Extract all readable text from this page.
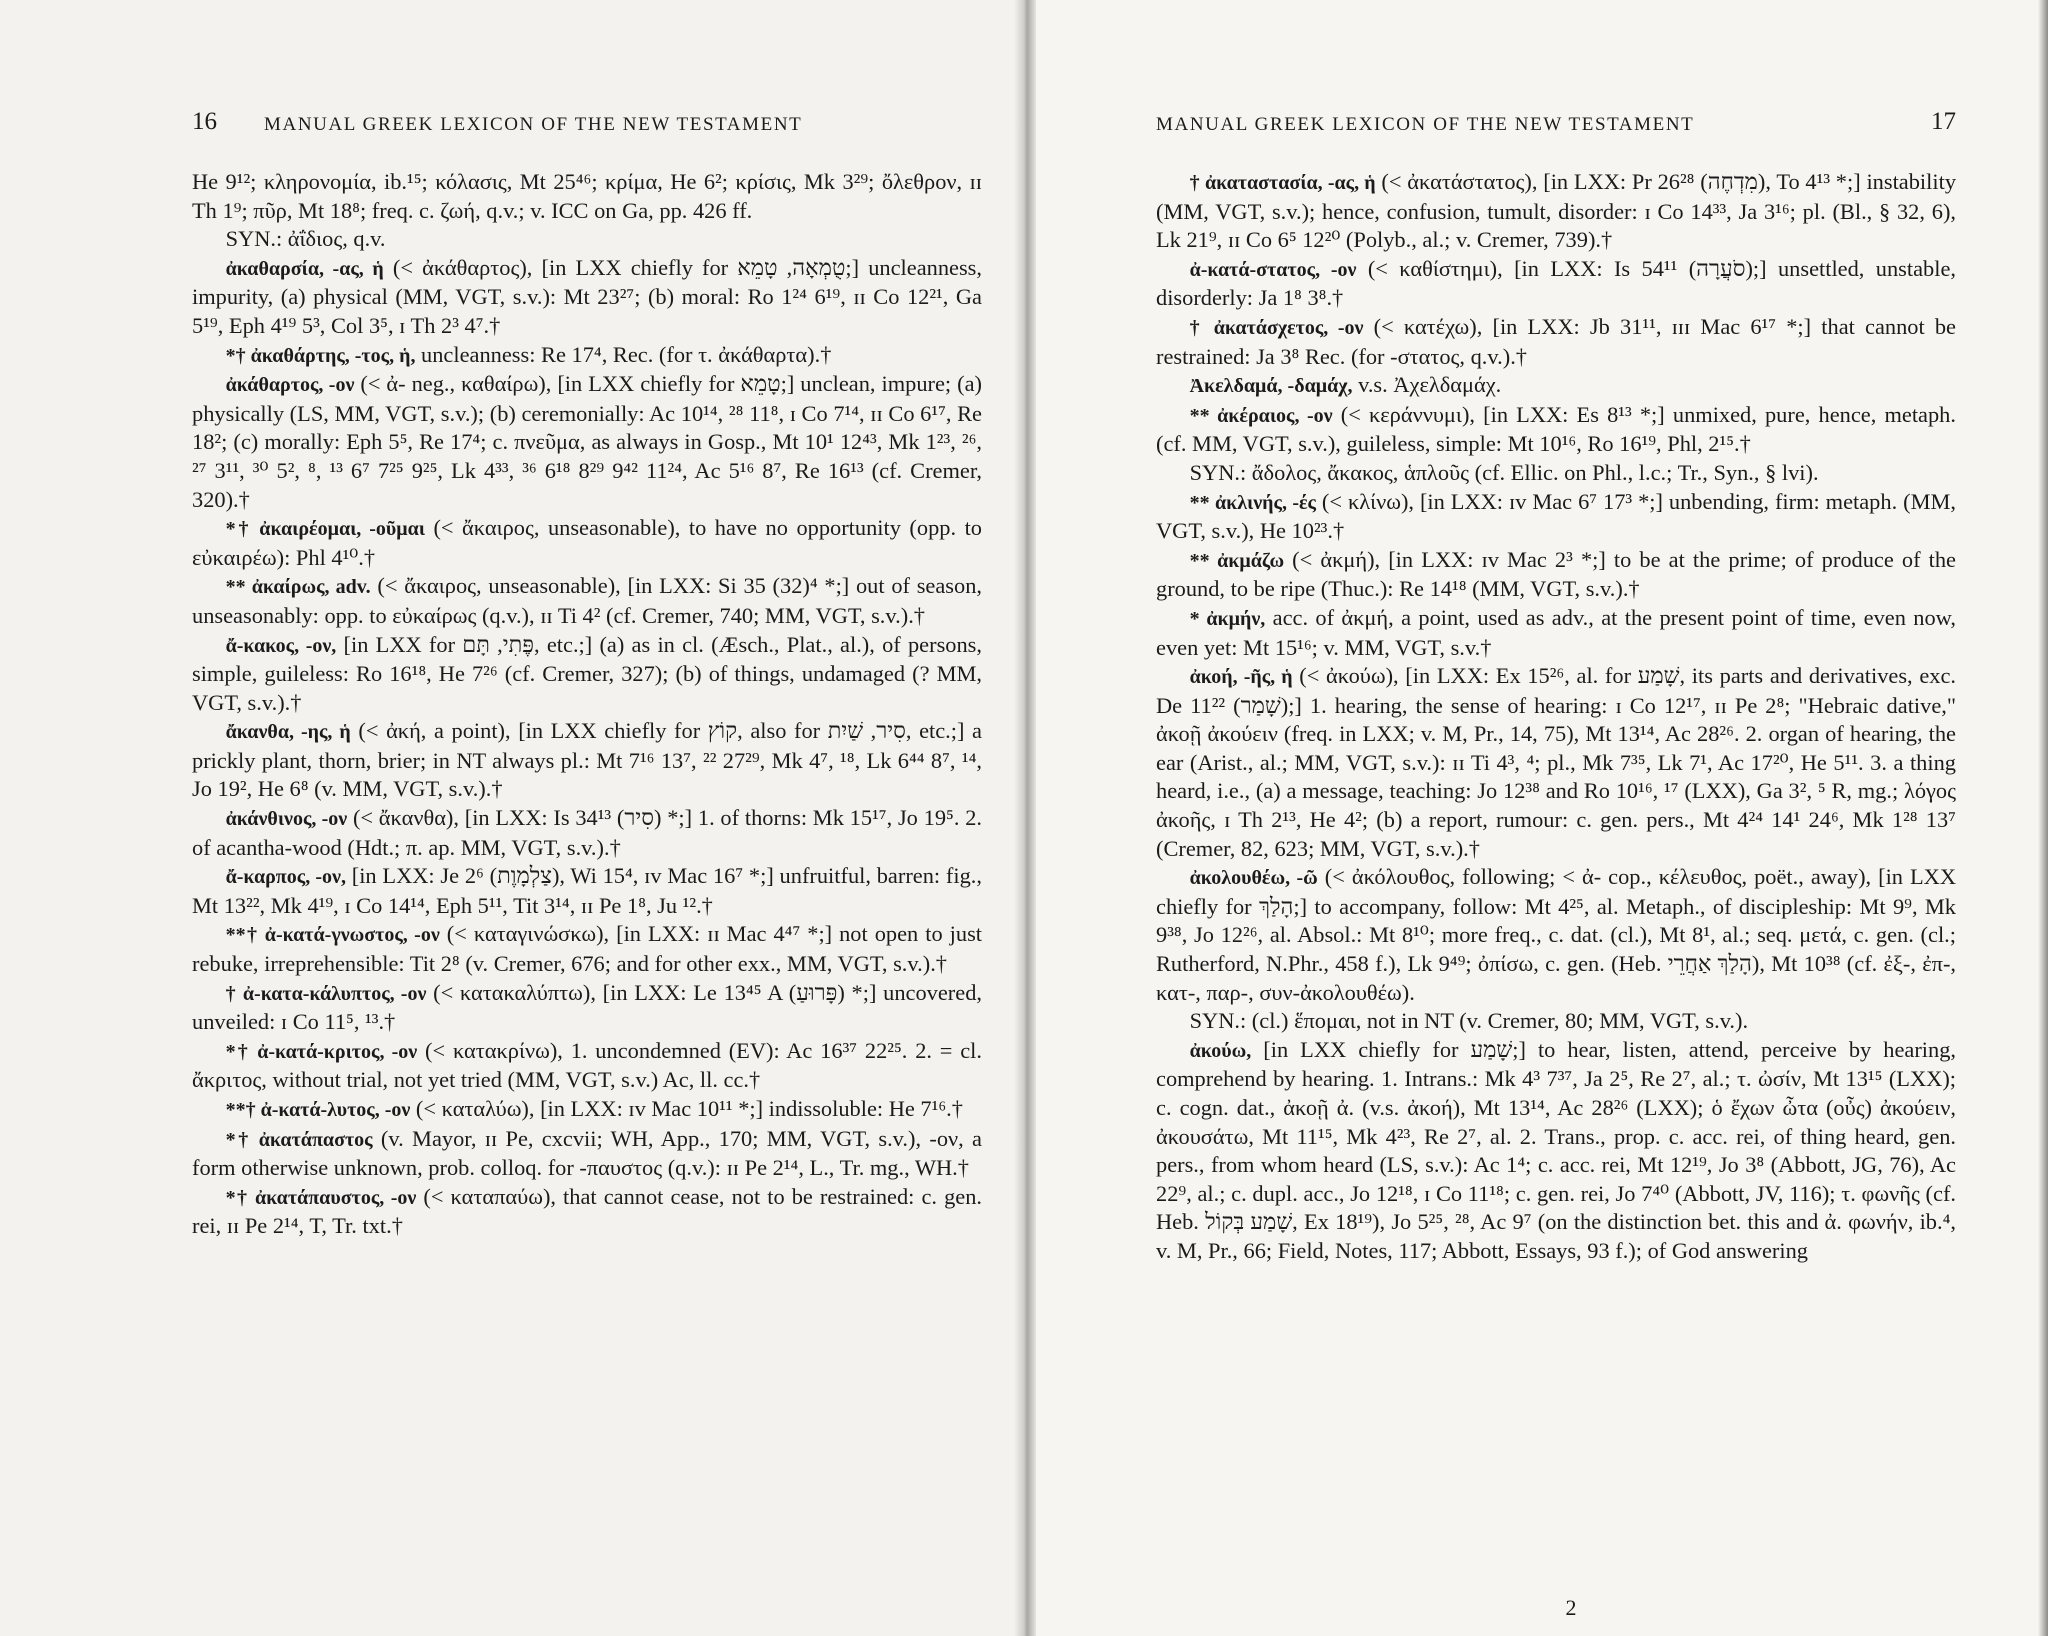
16 MANUAL GREEK LEXICON OF THE NEW TESTAMENT

He 9¹²; κληρονομία, ib.¹⁵; κόλασις, Mt 25⁴⁶; κρίμα, He 6²; κρίσις, Mk 3²⁹; ὄλεθρον, ɪɪ Th 1⁹; πῦρ, Mt 18⁸; freq. c. ζωή, q.v.; v. ICC on Ga, pp. 426 ff.

SYN.: ἀΐδιος, q.v.

ἀκαθαρσία, -ας, ἡ (< ἀκάθαρτος), [in LXX chiefly for טֻמְאָה, טָמֵא;] uncleanness, impurity, (a) physical (MM, VGT, s.v.): Mt 23²⁷; (b) moral: Ro 1²⁴ 6¹⁹, ɪɪ Co 12²¹, Ga 5¹⁹, Eph 4¹⁹ 5³, Col 3⁵, ɪ Th 2³ 4⁷.†

*† ἀκαθάρτης, -τος, ἡ, uncleanness: Re 17⁴, Rec. (for τ. ἀκάθαρτα).†

ἀκάθαρτος, -ον (< ἀ- neg., καθαίρω), [in LXX chiefly for טָמֵא;] unclean, impure; (a) physically (LS, MM, VGT, s.v.); (b) ceremonially: Ac 10¹⁴, ²⁸ 11⁸, ɪ Co 7¹⁴, ɪɪ Co 6¹⁷, Re 18²; (c) morally: Eph 5⁵, Re 17⁴; c. πνεῦμα, as always in Gosp., Mt 10¹ 12⁴³, Mk 1²³, ²⁶, ²⁷ 3¹¹, ³⁰ 5², ⁸, ¹³ 6⁷ 7²⁵ 9²⁵, Lk 4³³, ³⁶ 6¹⁸ 8²⁹ 9⁴² 11²⁴, Ac 5¹⁶ 8⁷, Re 16¹³ (cf. Cremer, 320).†

*† ἀκαιρέομαι, -οῦμαι (< ἄκαιρος, unseasonable), to have no opportunity (opp. to εὐκαιρέω): Phl 4¹⁰.†

** ἀκαίρως, adv. (< ἄκαιρος, unseasonable), [in LXX: Si 35 (32)⁴ *;] out of season, unseasonably: opp. to εὐκαίρως (q.v.), ɪɪ Ti 4² (cf. Cremer, 740; MM, VGT, s.v.).†

ἄ-κακος, -ον, [in LXX for פֶּתִי, תָּם, etc.;] (a) as in cl. (Æsch., Plat., al.), of persons, simple, guileless: Ro 16¹⁸, He 7²⁶ (cf. Cremer, 327); (b) of things, undamaged (? MM, VGT, s.v.).†

ἄκανθα, -ης, ἡ (< ἀκή, a point), [in LXX chiefly for קוֹץ, also for סִיר, שַׁיִת, etc.;] a prickly plant, thorn, brier; in NT always pl.: Mt 7¹⁶ 13⁷, ²² 27²⁹, Mk 4⁷, ¹⁸, Lk 6⁴⁴ 8⁷, ¹⁴, Jo 19², He 6⁸ (v. MM, VGT, s.v.).†

ἀκάνθινος, -ον (< ἄκανθα), [in LXX: Is 34¹³ (סִיר) *;] 1. of thorns: Mk 15¹⁷, Jo 19⁵. 2. of acantha-wood (Hdt.; π. ap. MM, VGT, s.v.).†

ἄ-καρπος, -ον, [in LXX: Je 2⁶ (צַלְמָוֶת), Wi 15⁴, ɪv Mac 16⁷ *;] unfruitful, barren: fig., Mt 13²², Mk 4¹⁹, ɪ Co 14¹⁴, Eph 5¹¹, Tit 3¹⁴, ɪɪ Pe 1⁸, Ju ¹².†

**† ἀ-κατά-γνωστος, -ον (< καταγινώσκω), [in LXX: ɪɪ Mac 4⁴⁷ *;] not open to just rebuke, irreprehensible: Tit 2⁸ (v. Cremer, 676; and for other exx., MM, VGT, s.v.).†

† ἀ-κατα-κάλυπτος, -ον (< κατακαλύπτω), [in LXX: Le 13⁴⁵ A (פָּרוּעַ) *;] uncovered, unveiled: ɪ Co 11⁵, ¹³.†

*† ἀ-κατά-κριτος, -ον (< κατακρίνω), 1. uncondemned (EV): Ac 16³⁷ 22²⁵. 2. = cl. ἄκριτος, without trial, not yet tried (MM, VGT, s.v.) Ac, ll. cc.†

**† ἀ-κατά-λυτος, -ον (< καταλύω), [in LXX: ɪv Mac 10¹¹ *;] indissoluble: He 7¹⁶.†

*† ἀκατάπαστος (v. Mayor, ɪɪ Pe, cxcvii; WH, App., 170; MM, VGT, s.v.), -ον, a form otherwise unknown, prob. colloq. for -παυστος (q.v.): ɪɪ Pe 2¹⁴, L., Tr. mg., WH.†

*† ἀκατάπαυστος, -ον (< καταπαύω), that cannot cease, not to be restrained: c. gen. rei, ɪɪ Pe 2¹⁴, T, Tr. txt.†

MANUAL GREEK LEXICON OF THE NEW TESTAMENT	17

† ἀκαταστασία, -ας, ἡ (< ἀκατάστατος), [in LXX: Pr 26²⁸ (מִדְחֶה), To 4¹³ *;] instability (MM, VGT, s.v.); hence, confusion, tumult, disorder: ɪ Co 14³³, Ja 3¹⁶; pl. (Bl., § 32, 6), Lk 21⁹, ɪɪ Co 6⁵ 12²⁰ (Polyb., al.; v. Cremer, 739).†

ἀ-κατά-στατος, -ον (< καθίστημι), [in LXX: Is 54¹¹ (סֹעֲרָה);] unsettled, unstable, disorderly: Ja 1⁸ 3⁸.†

† ἀκατάσχετος, -ον (< κατέχω), [in LXX: Jb 31¹¹, ɪɪɪ Mac 6¹⁷ *;] that cannot be restrained: Ja 3⁸ Rec. (for -στατος, q.v.).†

Ἀκελδαμά, -δαμάχ, v.s. Ἀχελδαμάχ.

** ἀκέραιος, -ον (< κεράννυμι), [in LXX: Es 8¹³ *;] unmixed, pure, hence, metaph. (cf. MM, VGT, s.v.), guileless, simple: Mt 10¹⁶, Ro 16¹⁹, Phl, 2¹⁵.†

SYN.: ἄδολος, ἄκακος, ἁπλοῦς (cf. Ellic. on Phl., l.c.; Tr., Syn., § lvi).

** ἀκλινής, -ές (< κλίνω), [in LXX: ɪv Mac 6⁷ 17³ *;] unbending, firm: metaph. (MM, VGT, s.v.), He 10²³.†

** ἀκμάζω (< ἀκμή), [in LXX: ɪv Mac 2³ *;] to be at the prime; of produce of the ground, to be ripe (Thuc.): Re 14¹⁸ (MM, VGT, s.v.).†

* ἀκμήν, acc. of ἀκμή, a point, used as adv., at the present point of time, even now, even yet: Mt 15¹⁶; v. MM, VGT, s.v.†

ἀκοή, -ῆς, ἡ (< ἀκούω), [in LXX: Ex 15²⁶, al. for שָׁמַע, its parts and derivatives, exc. De 11²² (שָׁמַר);] 1. hearing, the sense of hearing: ɪ Co 12¹⁷, ɪɪ Pe 2⁸; "Hebraic dative," ἀκοῇ ἀκούειν (freq. in LXX; v. M, Pr., 14, 75), Mt 13¹⁴, Ac 28²⁶. 2. organ of hearing, the ear (Arist., al.; MM, VGT, s.v.): ɪɪ Ti 4³, ⁴; pl., Mk 7³⁵, Lk 7¹, Ac 17²⁰, He 5¹¹. 3. a thing heard, i.e., (a) a message, teaching: Jo 12³⁸ and Ro 10¹⁶, ¹⁷ (LXX), Ga 3², ⁵ R, mg.; λόγος ἀκοῆς, ɪ Th 2¹³, He 4²; (b) a report, rumour: c. gen. pers., Mt 4²⁴ 14¹ 24⁶, Mk 1²⁸ 13⁷ (Cremer, 82, 623; MM, VGT, s.v.).†

ἀκολουθέω, -ῶ (< ἀκόλουθος, following; < ἀ- cop., κέλευθος, poët., away), [in LXX chiefly for הָלַךְ;] to accompany, follow: Mt 4²⁵, al. Metaph., of discipleship: Mt 9⁹, Mk 9³⁸, Jo 12²⁶, al. Absol.: Mt 8¹⁰; more freq., c. dat. (cl.), Mt 8¹, al.; seq. μετά, c. gen. (cl.; Rutherford, N.Phr., 458 f.), Lk 9⁴⁹; ὀπίσω, c. gen. (Heb. הָלַךְ אַחֲרֵי), Mt 10³⁸ (cf. ἐξ-, ἐπ-, κατ-, παρ-, συν-ἀκολουθέω).

SYN.: (cl.) ἕπομαι, not in NT (v. Cremer, 80; MM, VGT, s.v.).

ἀκούω, [in LXX chiefly for שָׁמַע;] to hear, listen, attend, perceive by hearing, comprehend by hearing. 1. Intrans.: Mk 4³ 7³⁷, Ja 2⁵, Re 2⁷, al.; τ. ὠσίν, Mt 13¹⁵ (LXX); c. cogn. dat., ἀκοῇ ἀ. (v.s. ἀκοή), Mt 13¹⁴, Ac 28²⁶ (LXX); ὁ ἔχων ὦτα (οὖς) ἀκούειν, ἀκουσάτω, Mt 11¹⁵, Mk 4²³, Re 2⁷, al. 2. Trans., prop. c. acc. rei, of thing heard, gen. pers., from whom heard (LS, s.v.): Ac 1⁴; c. acc. rei, Mt 12¹⁹, Jo 3⁸ (Abbott, JG, 76), Ac 22⁹, al.; c. dupl. acc., Jo 12¹⁸, ɪ Co 11¹⁸; c. gen. rei, Jo 7⁴⁰ (Abbott, JV, 116); τ. φωνῆς (cf. Heb. שָׁמַע בְּקוֹל, Ex 18¹⁹), Jo 5²⁵, ²⁸, Ac 9⁷ (on the distinction bet. this and ἀ. φωνήν, ib.⁴, v. M, Pr., 66; Field, Notes, 117; Abbott, Essays, 93 f.); of God answering

2
